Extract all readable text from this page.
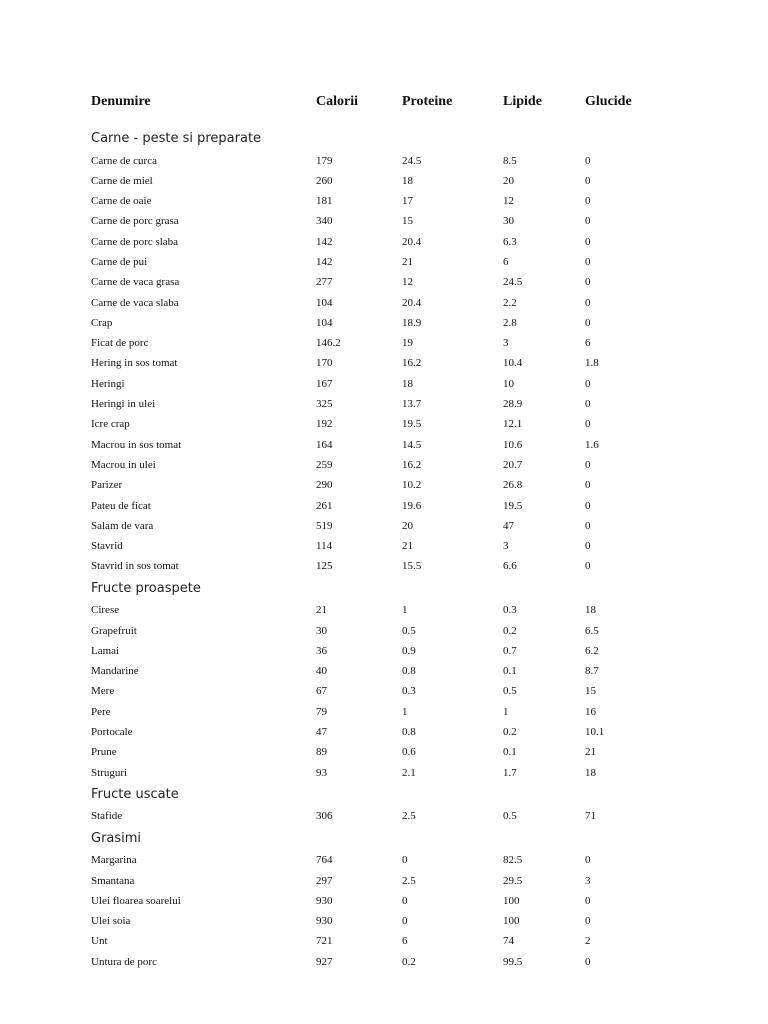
Denumire	Calorii	Proteine	Lipide	Glucide
Carne - peste si preparate
Carne de curca	179	24.5	8.5	0
Carne de miel	260	18	20	0
Carne de oaie	181	17	12	0
Carne de porc grasa	340	15	30	0
Carne de porc slaba	142	20.4	6.3	0
Carne de pui	142	21	6	0
Carne de vaca grasa	277	12	24.5	0
Carne de vaca slaba	104	20.4	2.2	0
Crap	104	18.9	2.8	0
Ficat de porc	146.2	19	3	6
Hering in sos tomat	170	16.2	10.4	1.8
Heringi	167	18	10	0
Heringi in ulei	325	13.7	28.9	0
Icre crap	192	19.5	12.1	0
Macrou in sos tomat	164	14.5	10.6	1.6
Macrou in ulei	259	16.2	20.7	0
Parizer	290	10.2	26.8	0
Pateu de ficat	261	19.6	19.5	0
Salam de vara	519	20	47	0
Stavrid	114	21	3	0
Stavrid in sos tomat	125	15.5	6.6	0
Fructe proaspete
Cirese	21	1	0.3	18
Grapefruit	30	0.5	0.2	6.5
Lamai	36	0.9	0.7	6.2
Mandarine	40	0.8	0.1	8.7
Mere	67	0.3	0.5	15
Pere	79	1	1	16
Portocale	47	0.8	0.2	10.1
Prune	89	0.6	0.1	21
Struguri	93	2.1	1.7	18
Fructe uscate
Stafide	306	2.5	0.5	71
Grasimi
Margarina	764	0	82.5	0
Smantana	297	2.5	29.5	3
Ulei floarea soarelui	930	0	100	0
Ulei soia	930	0	100	0
Unt	721	6	74	2
Untura de porc	927	0.2	99.5	0
